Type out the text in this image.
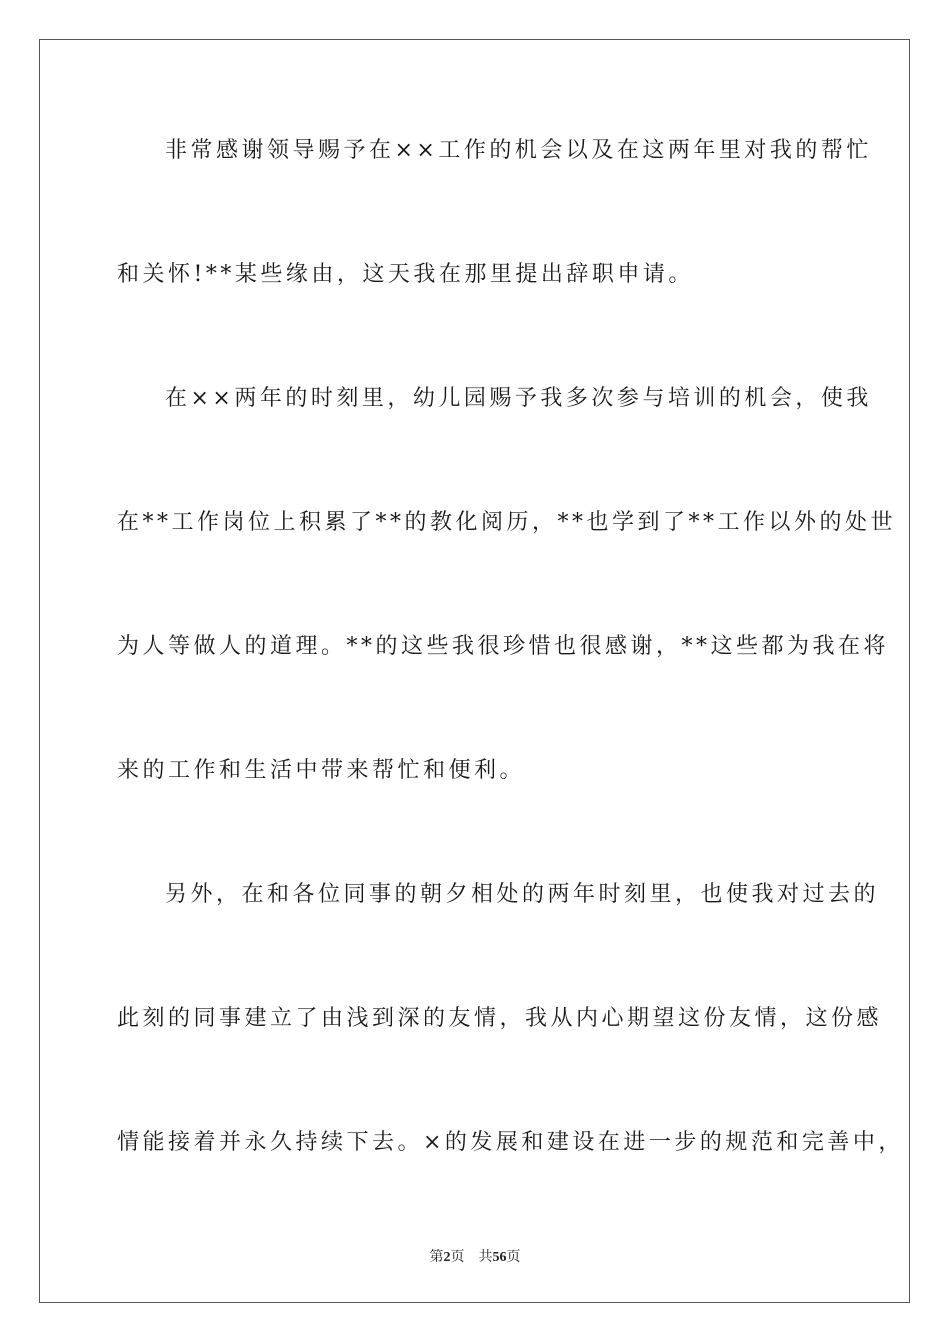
非常感谢领导赐予在××工作的机会以及在这两年里对我的帮忙
和关怀!**某些缘由，这天我在那里提出辞职申请。
在××两年的时刻里，幼儿园赐予我多次参与培训的机会，使我
在**工作岗位上积累了**的教化阅历，**也学到了**工作以外的处世
为人等做人的道理。**的这些我很珍惜也很感谢，**这些都为我在将
来的工作和生活中带来帮忙和便利。
另外，在和各位同事的朝夕相处的两年时刻里，也使我对过去的
此刻的同事建立了由浅到深的友情，我从内心期望这份友情，这份感
情能接着并永久持续下去。×的发展和建设在进一步的规范和完善中，
第2页 共56页
